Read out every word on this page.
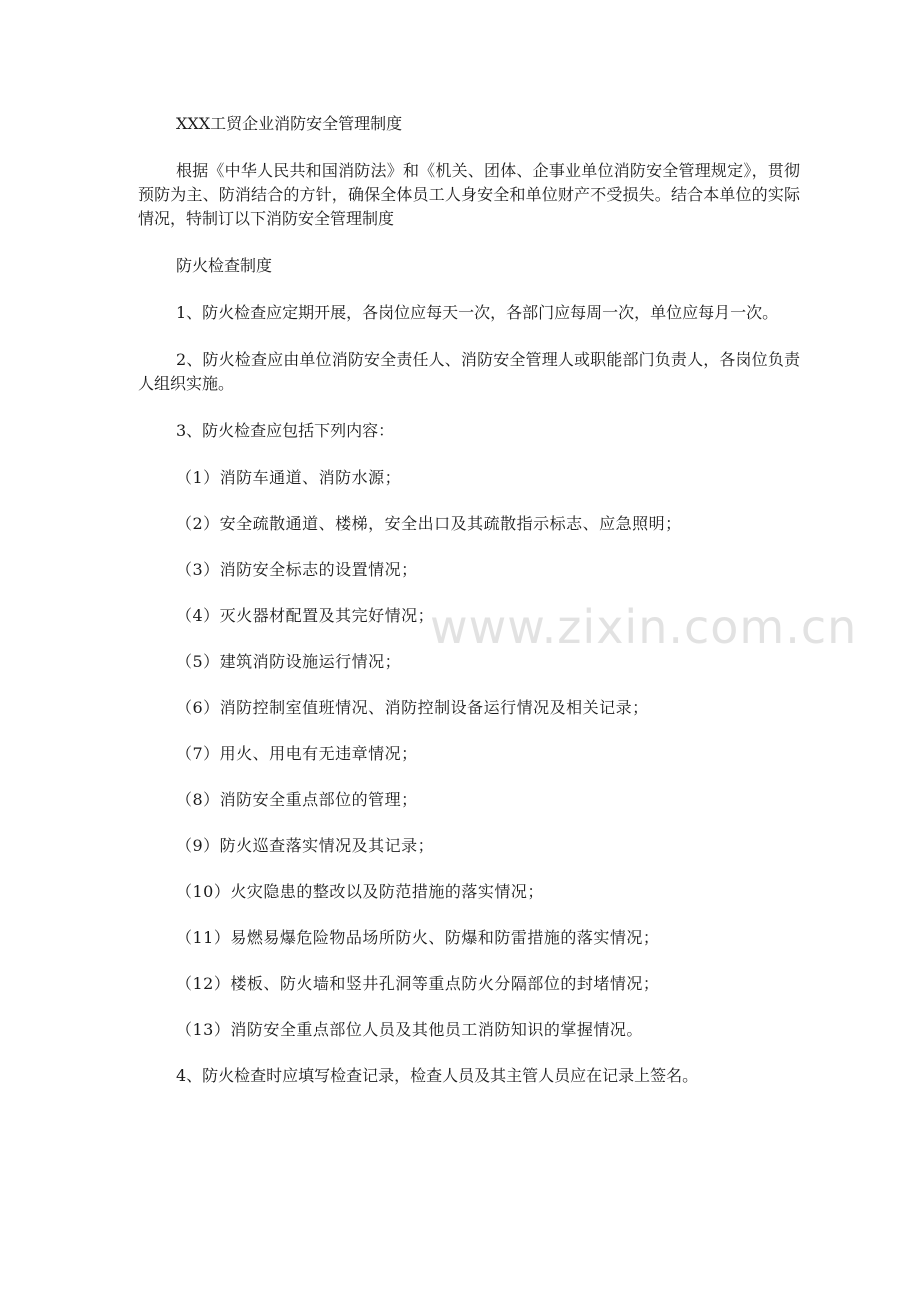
XXX工贸企业消防安全管理制度

根据《中华人民共和国消防法》和《机关、团体、企事业单位消防安全管理规定》，贯彻预防为主、防消结合的方针，确保全体员工人身安全和单位财产不受损失。结合本单位的实际情况，特制订以下消防安全管理制度

防火检查制度

1、防火检查应定期开展，各岗位应每天一次，各部门应每周一次，单位应每月一次。

2、防火检查应由单位消防安全责任人、消防安全管理人或职能部门负责人，各岗位负责人组织实施。

3、防火检查应包括下列内容：

（1）消防车通道、消防水源；

（2）安全疏散通道、楼梯，安全出口及其疏散指示标志、应急照明；

（3）消防安全标志的设置情况；

（4）灭火器材配置及其完好情况；

（5）建筑消防设施运行情况；

（6）消防控制室值班情况、消防控制设备运行情况及相关记录；

（7）用火、用电有无违章情况；

（8）消防安全重点部位的管理；

（9）防火巡查落实情况及其记录；

（10）火灾隐患的整改以及防范措施的落实情况；

（11）易燃易爆危险物品场所防火、防爆和防雷措施的落实情况；

（12）楼板、防火墙和竖井孔洞等重点防火分隔部位的封堵情况；

（13）消防安全重点部位人员及其他员工消防知识的掌握情况。

4、防火检查时应填写检查记录，检查人员及其主管人员应在记录上签名。

www.zixin.com.cn
